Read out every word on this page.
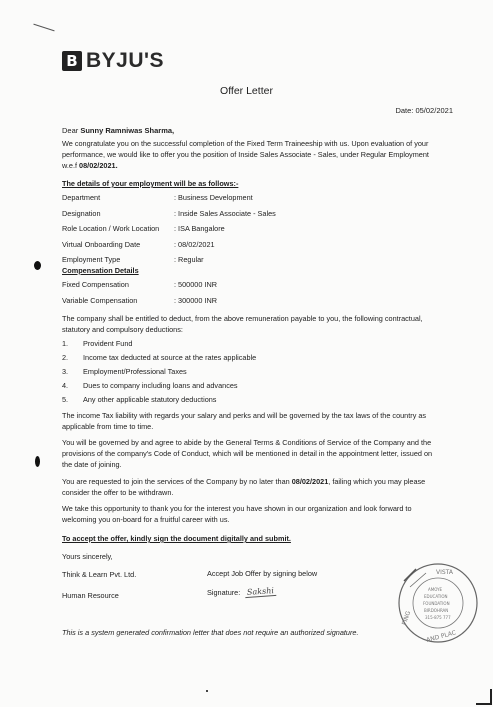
B BYJU'S
Offer Letter
Date: 05/02/2021
Dear Sunny Ramniwas Sharma,
We congratulate you on the successful completion of the Fixed Term Traineeship with us. Upon evaluation of your performance, we would like to offer you the position of Inside Sales Associate - Sales, under Regular Employment w.e.f 08/02/2021.
The details of your employment will be as follows:-
Department	: Business Development
Designation	: Inside Sales Associate - Sales
Role Location / Work Location	: ISA Bangalore
Virtual Onboarding Date	: 08/02/2021
Employment Type	: Regular
Compensation Details
Fixed Compensation	: 500000 INR
Variable Compensation	: 300000 INR
The company shall be entitled to deduct, from the above remuneration payable to you, the following contractual, statutory and compulsory deductions:
1.	Provident Fund
2.	Income tax deducted at source at the rates applicable
3.	Employment/Professional Taxes
4.	Dues to company including loans and advances
5.	Any other applicable statutory deductions
The income Tax liability with regards your salary and perks and will be governed by the tax laws of the country as applicable from time to time.
You will be governed by and agree to abide by the General Terms & Conditions of Service of the Company and the provisions of the company's Code of Conduct, which will be mentioned in detail in the appointment letter, issued on the date of joining.
You are requested to join the services of the Company by no later than 08/02/2021, failing which you may please consider the offer to be withdrawn.
We take this opportunity to thank you for the interest you have shown in our organization and look forward to welcoming you on-board for a fruitful career with us.
To accept the offer, kindly sign the document digitally and submit.
Yours sincerely,
Think & Learn Pvt. Ltd.	Accept Job Offer by signing below
Human Resource	Signature: Sakshi
This is a system generated confirmation letter that does not require an authorized signature.
VISTA
AMOYE
EDUCATION
FOUNDATION
BIRDOHRAN
315-875 777
PING
AND PLAC
